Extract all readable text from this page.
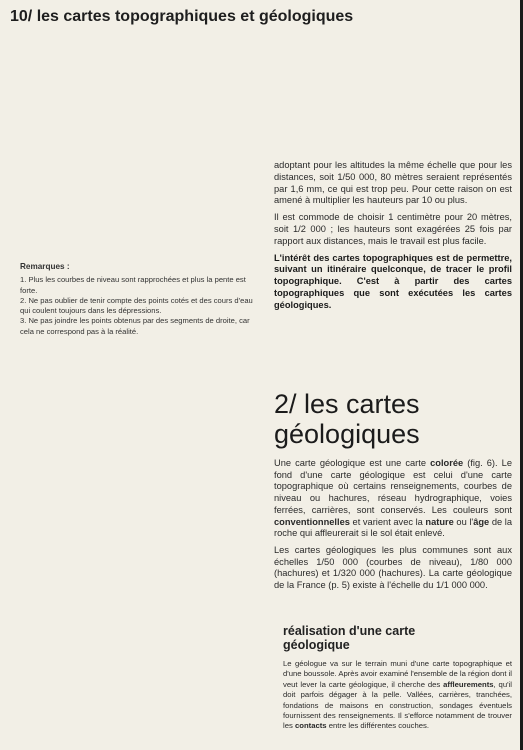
10/ les cartes topographiques et géologiques

Remarques :

1. Plus les courbes de niveau sont rapprochées et plus la pente est forte.

2. Ne pas oublier de tenir compte des points cotés et des cours d'eau qui coulent toujours dans les dépressions.

3. Ne pas joindre les points obtenus par des segments de droite, car cela ne correspond pas à la réalité.

adoptant pour les altitudes la même échelle que pour les distances, soit 1/50 000, 80 mètres seraient représentés par 1,6 mm, ce qui est trop peu. Pour cette raison on est amené à multiplier les hauteurs par 10 ou plus.

Il est commode de choisir 1 centimètre pour 20 mètres, soit 1/2 000 ; les hauteurs sont exagérées 25 fois par rapport aux distances, mais le travail est plus facile.

L'intérêt des cartes topographiques est de permettre, suivant un itinéraire quelconque, de tracer le profil topographique. C'est à partir des cartes topographiques que sont exécutées les cartes géologiques.

2/ les cartes
géologiques

Une carte géologique est une carte colorée (fig. 6). Le fond d'une carte géologique est celui d'une carte topographique où certains renseignements, courbes de niveau ou hachures, réseau hydrographique, voies ferrées, carrières, sont conservés. Les couleurs sont conventionnelles et varient avec la nature ou l'âge de la roche qui affleurerait si le sol était enlevé.

Les cartes géologiques les plus communes sont aux échelles 1/50 000 (courbes de niveau), 1/80 000 (hachures) et 1/320 000 (hachures). La carte géologique de la France (p. 5) existe à l'échelle du 1/1 000 000.

réalisation d'une carte
géologique

Le géologue va sur le terrain muni d'une carte topographique et d'une boussole. Après avoir examiné l'ensemble de la région dont il veut lever la carte géologique, il cherche des affleurements, qu'il doit parfois dégager à la pelle. Vallées, carrières, tranchées, fondations de maisons en construction, sondages éventuels fournissent des renseignements. Il s'efforce notamment de trouver les contacts entre les différentes couches.
